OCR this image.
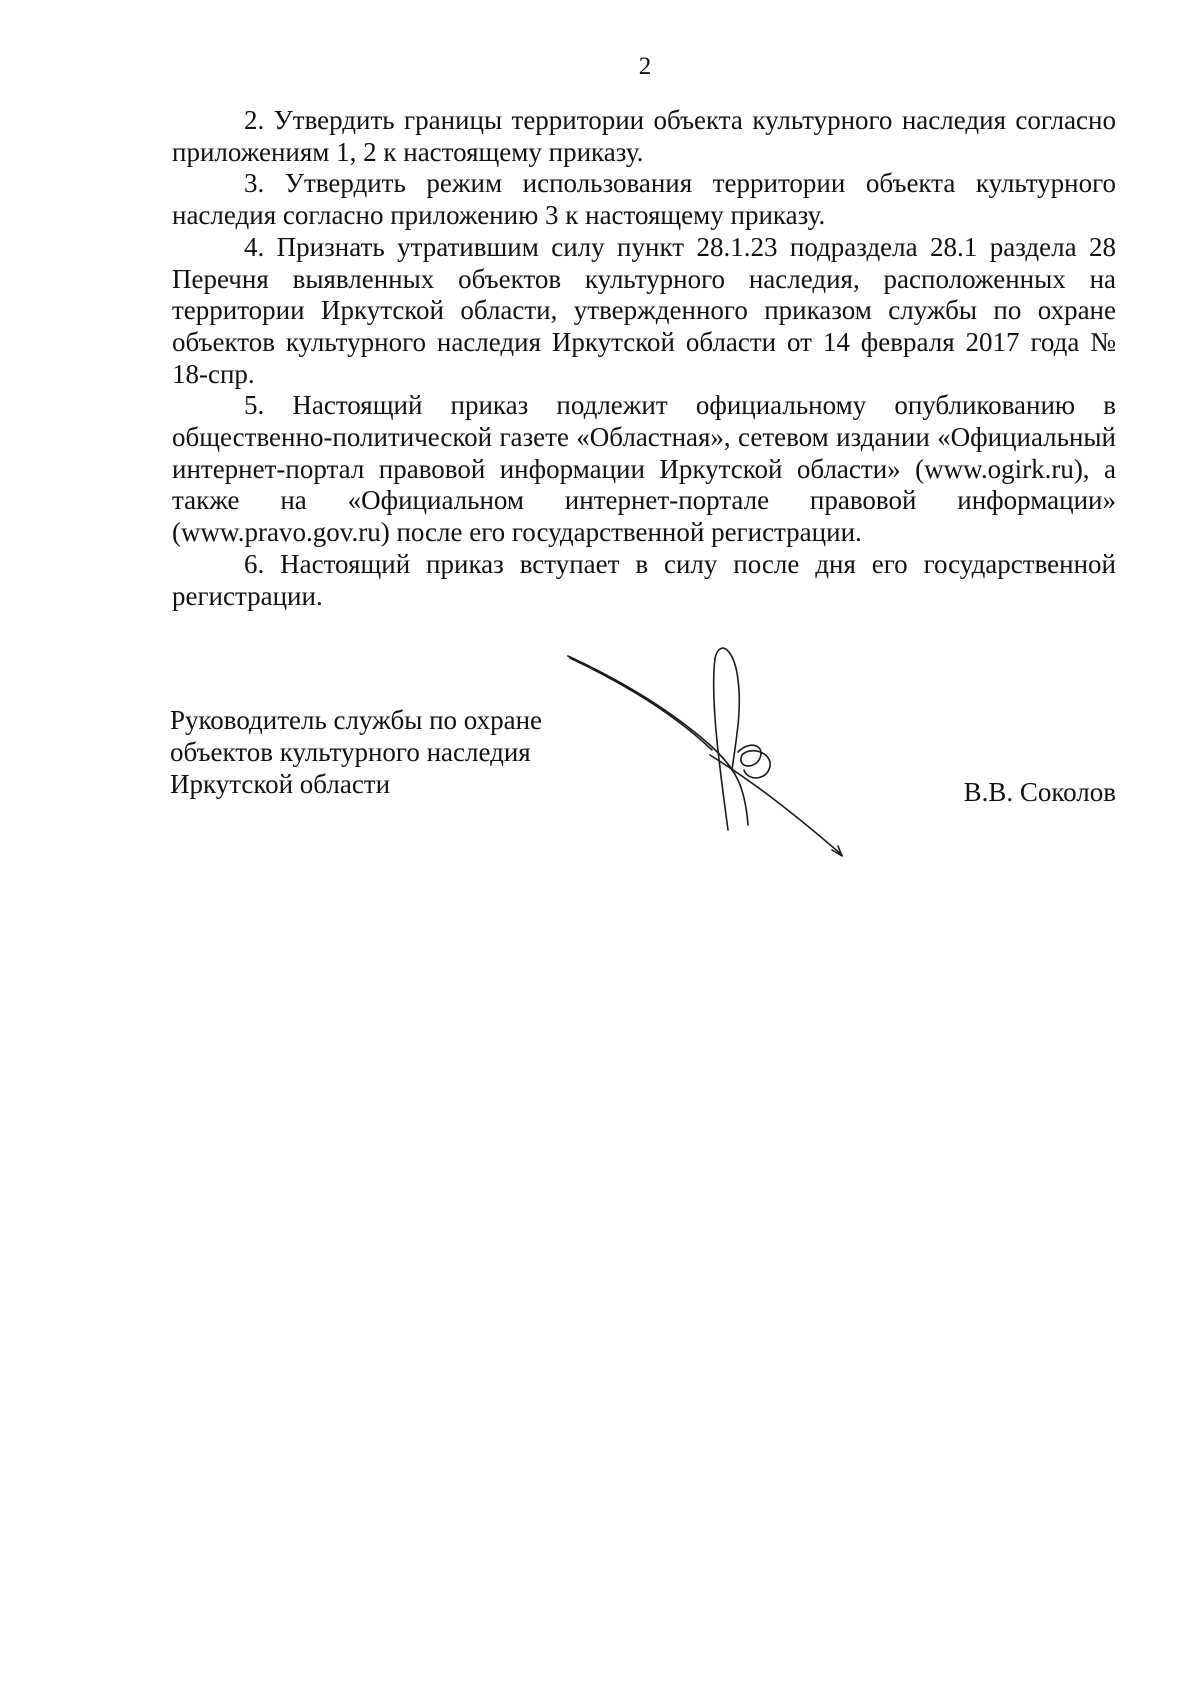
2

2. Утвердить границы территории объекта культурного наследия согласно приложениям 1, 2 к настоящему приказу.

3. Утвердить режим использования территории объекта культурного наследия согласно приложению 3 к настоящему приказу.

4. Признать утратившим силу пункт 28.1.23 подраздела 28.1 раздела 28 Перечня выявленных объектов культурного наследия, расположенных на территории Иркутской области, утвержденного приказом службы по охране объектов культурного наследия Иркутской области от 14 февраля 2017 года № 18-спр.

5. Настоящий приказ подлежит официальному опубликованию в общественно-политической газете «Областная», сетевом издании «Официальный интернет-портал правовой информации Иркутской области» (www.ogirk.ru), а также на «Официальном интернет-портале правовой информации» (www.pravo.gov.ru) после его государственной регистрации.

6. Настоящий приказ вступает в силу после дня его государственной регистрации.

Руководитель службы по охране
объектов культурного наследия
Иркутской области	В.В. Соколов
